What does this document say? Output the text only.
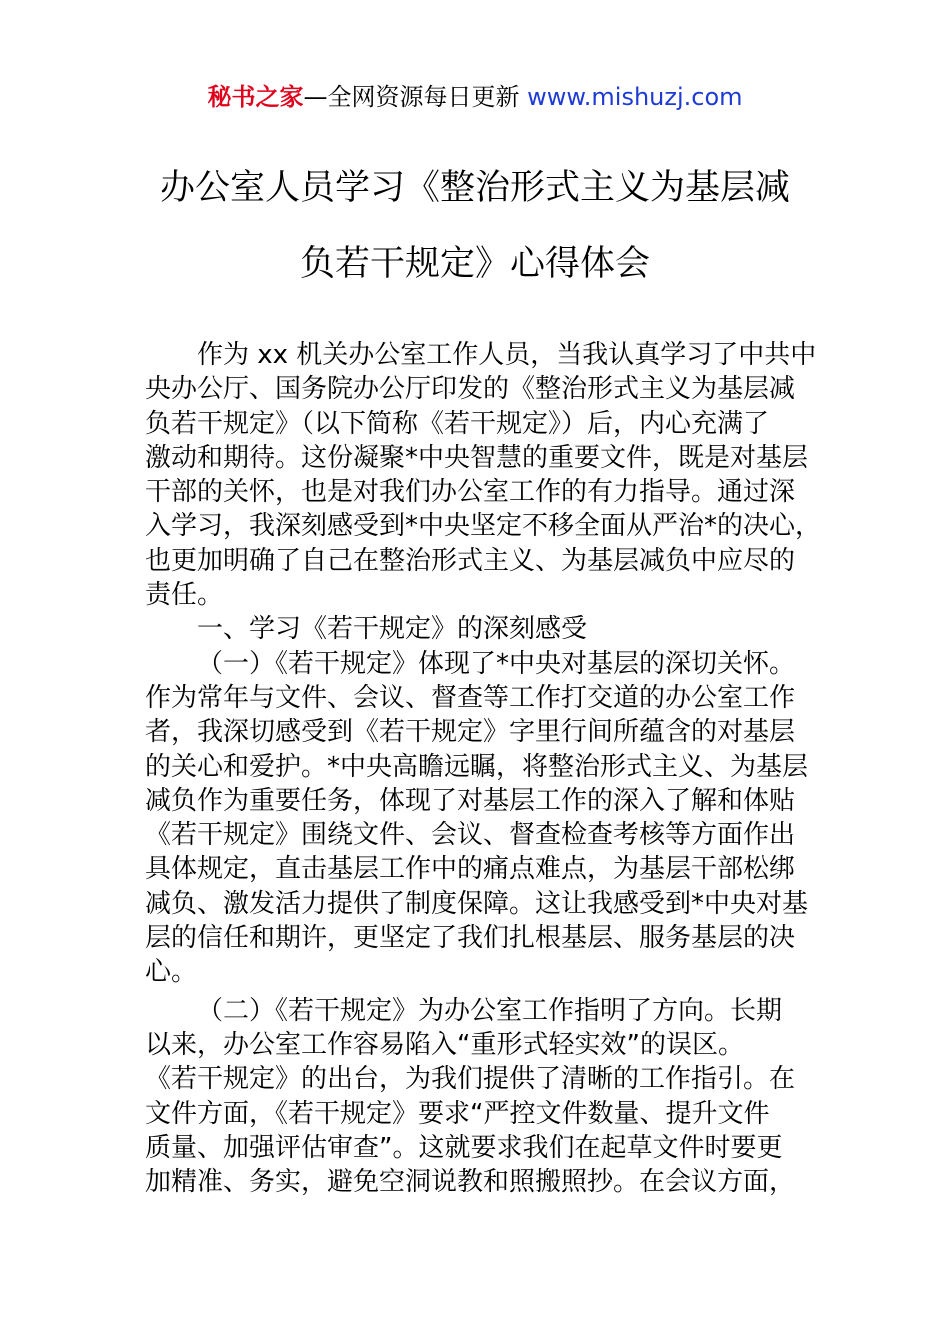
秘书之家—全网资源每日更新 www.mishuzj.com
办公室人员学习《整治形式主义为基层减
负若干规定》心得体会
作为 xx 机关办公室工作人员，当我认真学习了中共中
央办公厅、国务院办公厅印发的《整治形式主义为基层减
负若干规定》（以下简称《若干规定》）后，内心充满了
激动和期待。这份凝聚*中央智慧的重要文件，既是对基层
干部的关怀，也是对我们办公室工作的有力指导。通过深
入学习，我深刻感受到*中央坚定不移全面从严治*的决心，
也更加明确了自己在整治形式主义、为基层减负中应尽的
责任。
一、学习《若干规定》的深刻感受
（一）《若干规定》体现了*中央对基层的深切关怀。
作为常年与文件、会议、督查等工作打交道的办公室工作
者，我深切感受到《若干规定》字里行间所蕴含的对基层
的关心和爱护。*中央高瞻远瞩，将整治形式主义、为基层
减负作为重要任务，体现了对基层工作的深入了解和体贴
《若干规定》围绕文件、会议、督查检查考核等方面作出
具体规定，直击基层工作中的痛点难点，为基层干部松绑
减负、激发活力提供了制度保障。这让我感受到*中央对基
层的信任和期许，更坚定了我们扎根基层、服务基层的决
心。
（二）《若干规定》为办公室工作指明了方向。长期
以来，办公室工作容易陷入“重形式轻实效”的误区。
《若干规定》的出台，为我们提供了清晰的工作指引。在
文件方面，《若干规定》要求“严控文件数量、提升文件
质量、加强评估审查”。这就要求我们在起草文件时要更
加精准、务实，避免空洞说教和照搬照抄。在会议方面，
